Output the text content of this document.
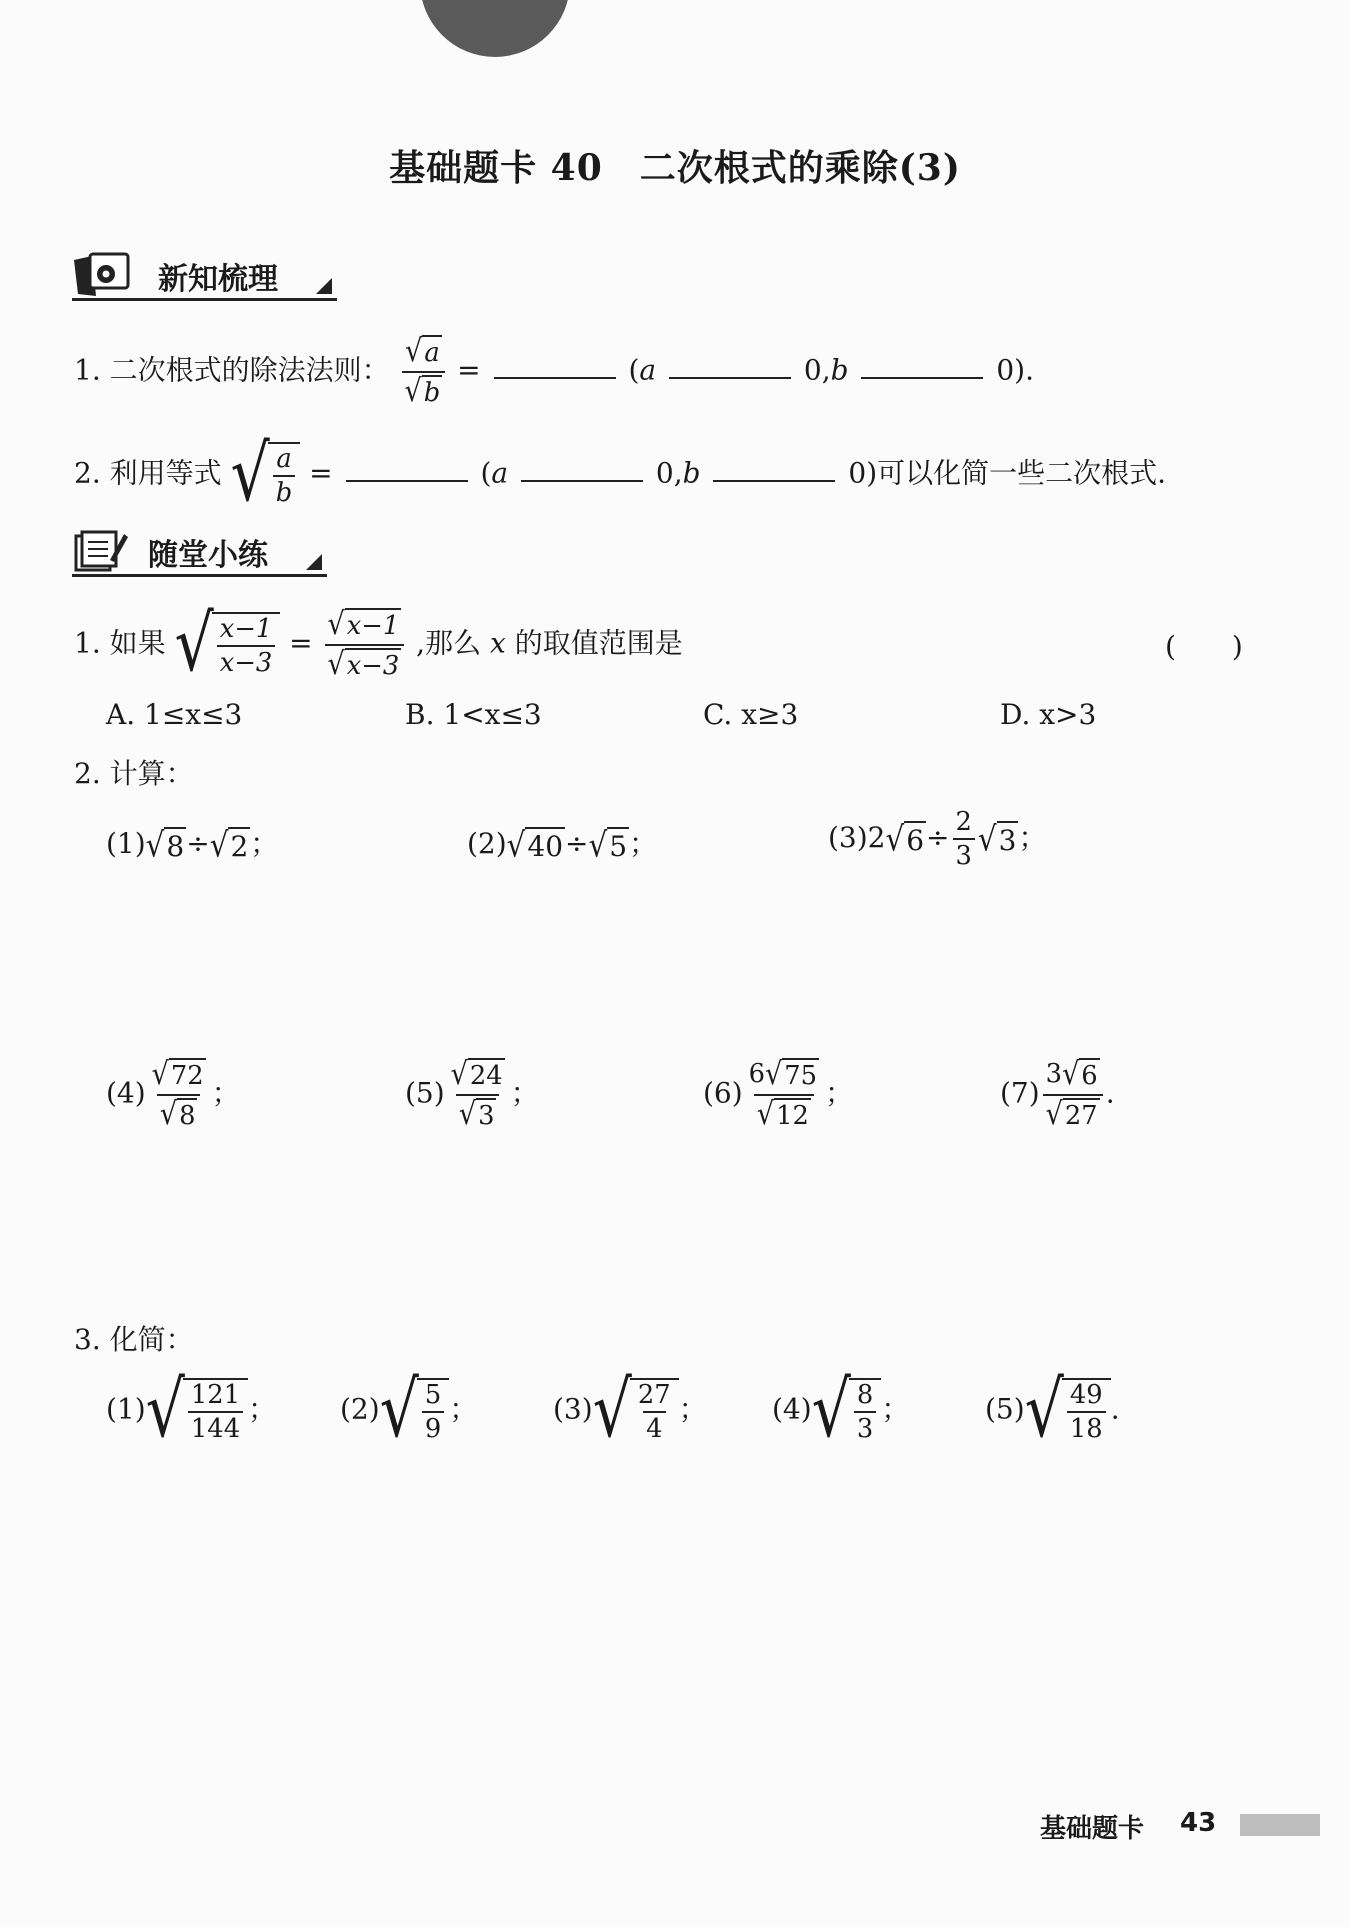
基础题卡 40　二次根式的乘除(3)
新知梳理
1. 二次根式的除法法则： $\frac{√ a}{√ b}$ =	(a	0,b	0).
2. 利用等式 √ $\frac{a}{b}$ =	(a	0,b	0)可以化简一些二次根式.
随堂小练
1. 如果 √ $\frac{x-1}{x-3} = \frac{√ x-1}{√ x-3}$ ,那么 x 的取值范围是	(　　)
A. 1≤x≤3	B. 1<x≤3	C. x≥3	D. x>3
2. 计算：
(1) √ 8 ÷ √ 2 ；	(2) √ 40 ÷ √ 5 ；	(3)2 √ $6 \div \frac{2}{3}$ √ 3 ；
$(4) \frac{√ 72}{√ 8}$ ；	$(5) \frac{√ 24}{√ 3}$ ；	$(6) \frac{6 √ 75}{√ 12}$ ；	$(7) \frac{3 √ 6}{√ 27}$ .
3. 化简：
(1) √ $\frac{121}{144}$ ； (2) √ $\frac{5}{9}$ ；	(3) √ $\frac{27}{4}$ ； (4) √ $\frac{8}{3}$ ；	(5) √ $\frac{49}{18}$ .
基础题卡 43
